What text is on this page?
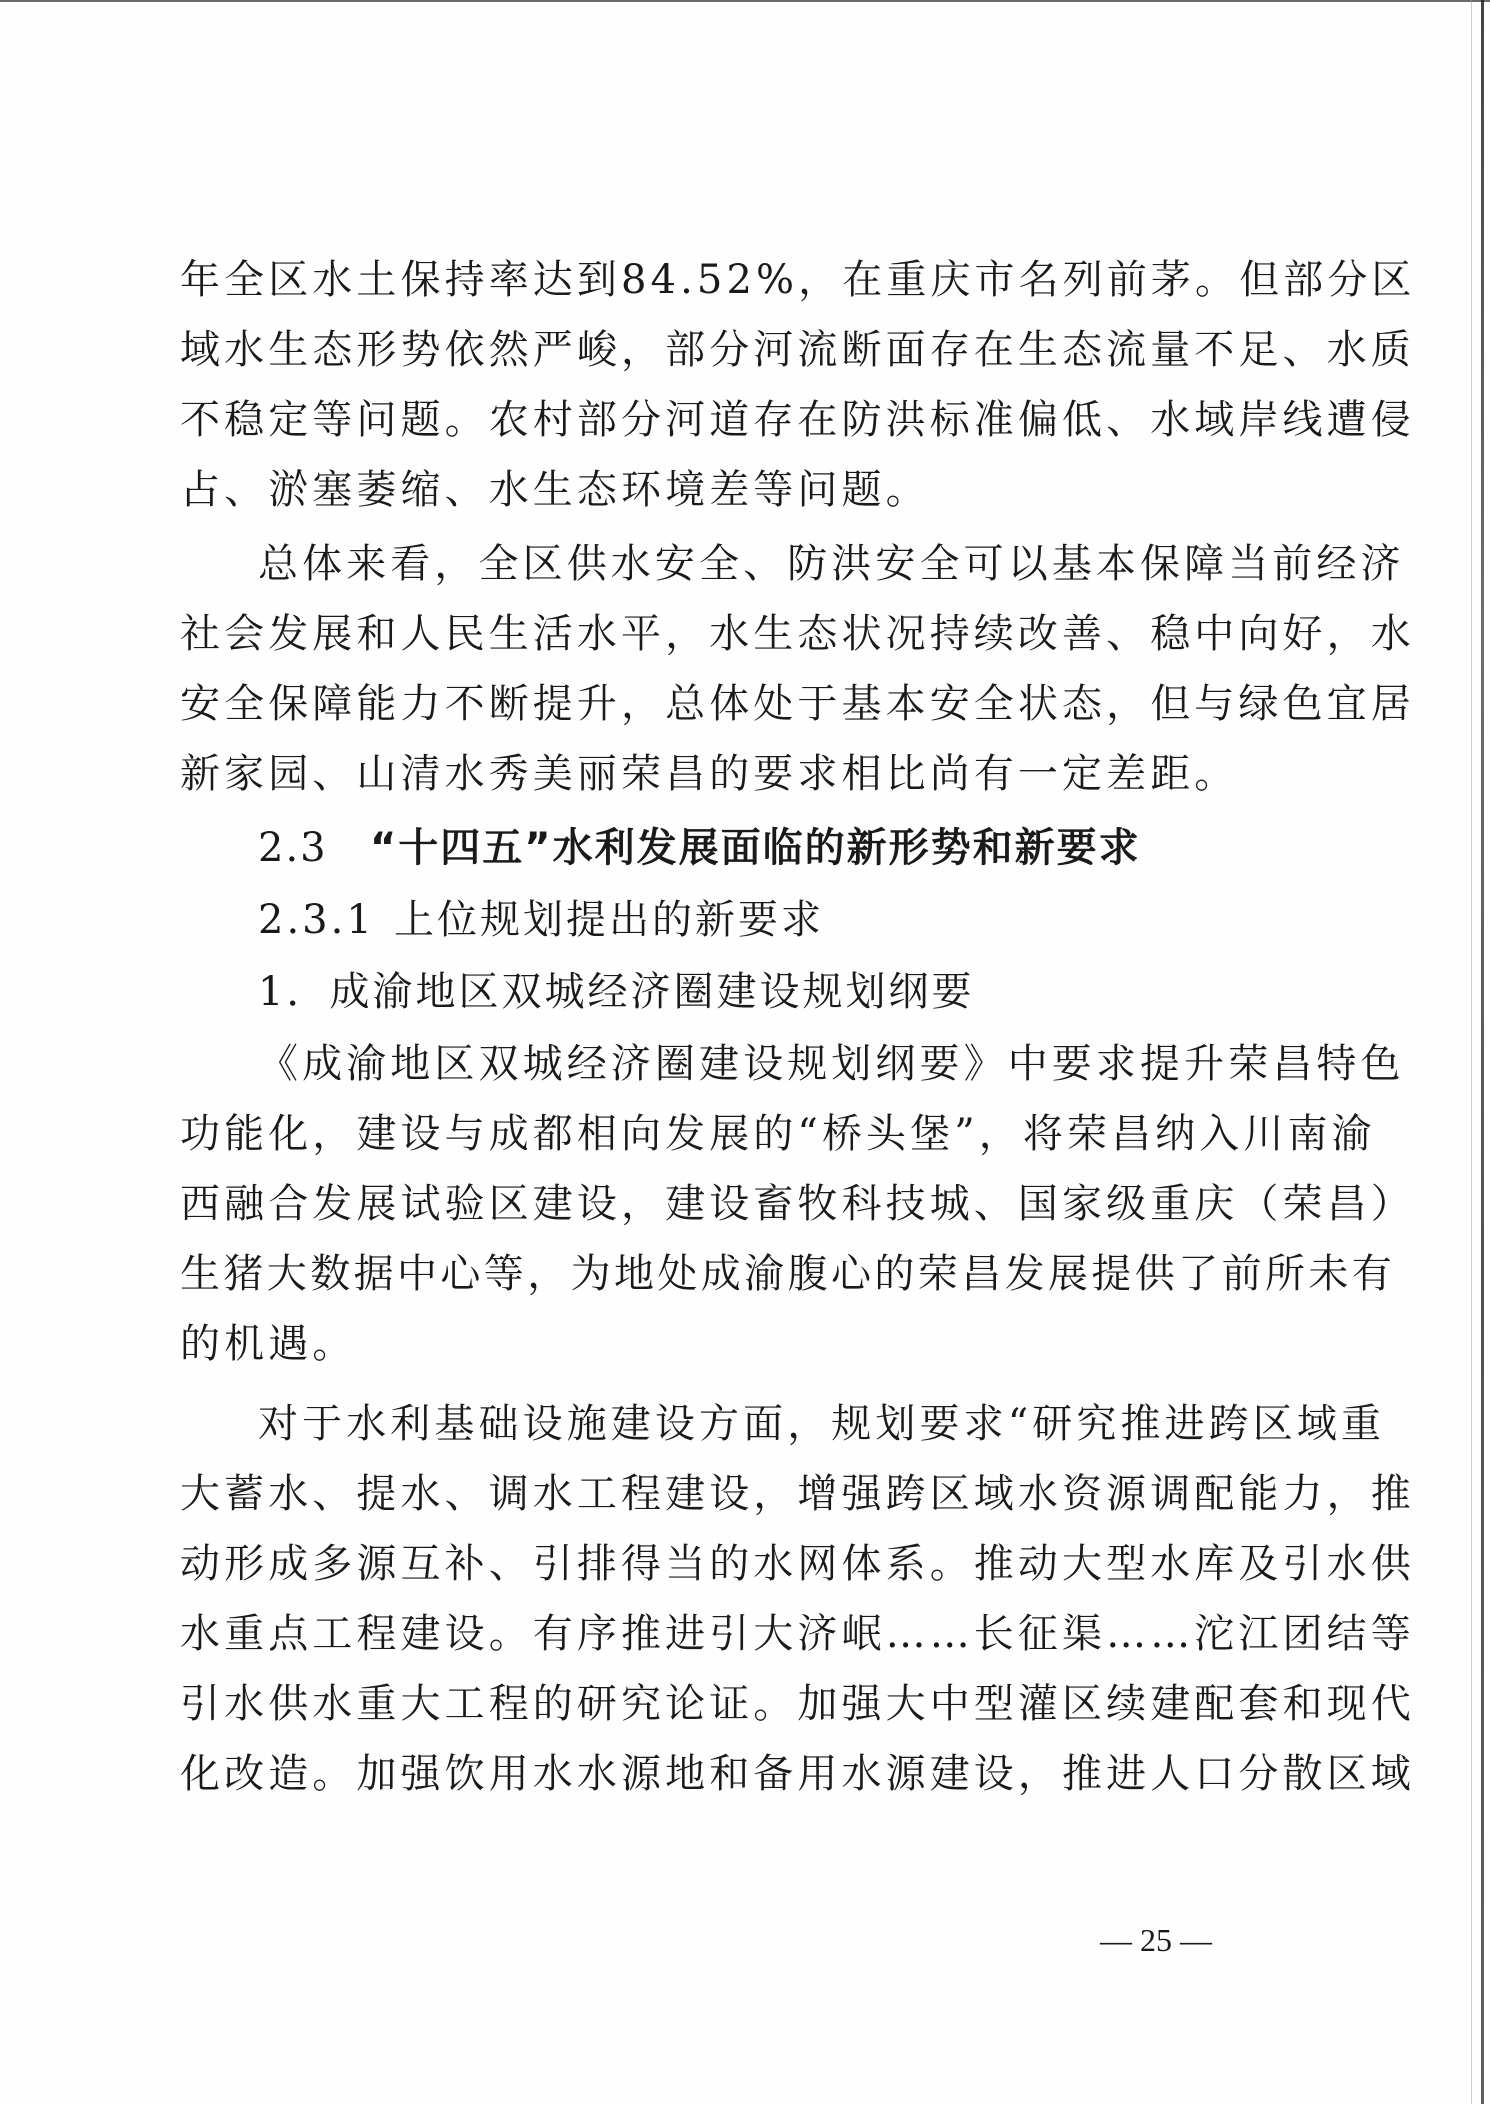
年全区水土保持率达到84.52%，在重庆市名列前茅。但部分区
域水生态形势依然严峻，部分河流断面存在生态流量不足、水质
不稳定等问题。农村部分河道存在防洪标准偏低、水域岸线遭侵
占、淤塞萎缩、水生态环境差等问题。
总体来看，全区供水安全、防洪安全可以基本保障当前经济
社会发展和人民生活水平，水生态状况持续改善、稳中向好，水
安全保障能力不断提升，总体处于基本安全状态，但与绿色宜居
新家园、山清水秀美丽荣昌的要求相比尚有一定差距。
2.3 “十四五”水利发展面临的新形势和新要求
2.3.1 上位规划提出的新要求
1．成渝地区双城经济圈建设规划纲要
《成渝地区双城经济圈建设规划纲要》中要求提升荣昌特色
功能化，建设与成都相向发展的“桥头堡”，将荣昌纳入川南渝
西融合发展试验区建设，建设畜牧科技城、国家级重庆（荣昌）
生猪大数据中心等，为地处成渝腹心的荣昌发展提供了前所未有
的机遇。
对于水利基础设施建设方面，规划要求“研究推进跨区域重
大蓄水、提水、调水工程建设，增强跨区域水资源调配能力，推
动形成多源互补、引排得当的水网体系。推动大型水库及引水供
水重点工程建设。有序推进引大济岷……长征渠……沱江团结等
引水供水重大工程的研究论证。加强大中型灌区续建配套和现代
化改造。加强饮用水水源地和备用水源建设，推进人口分散区域
— 25 —
